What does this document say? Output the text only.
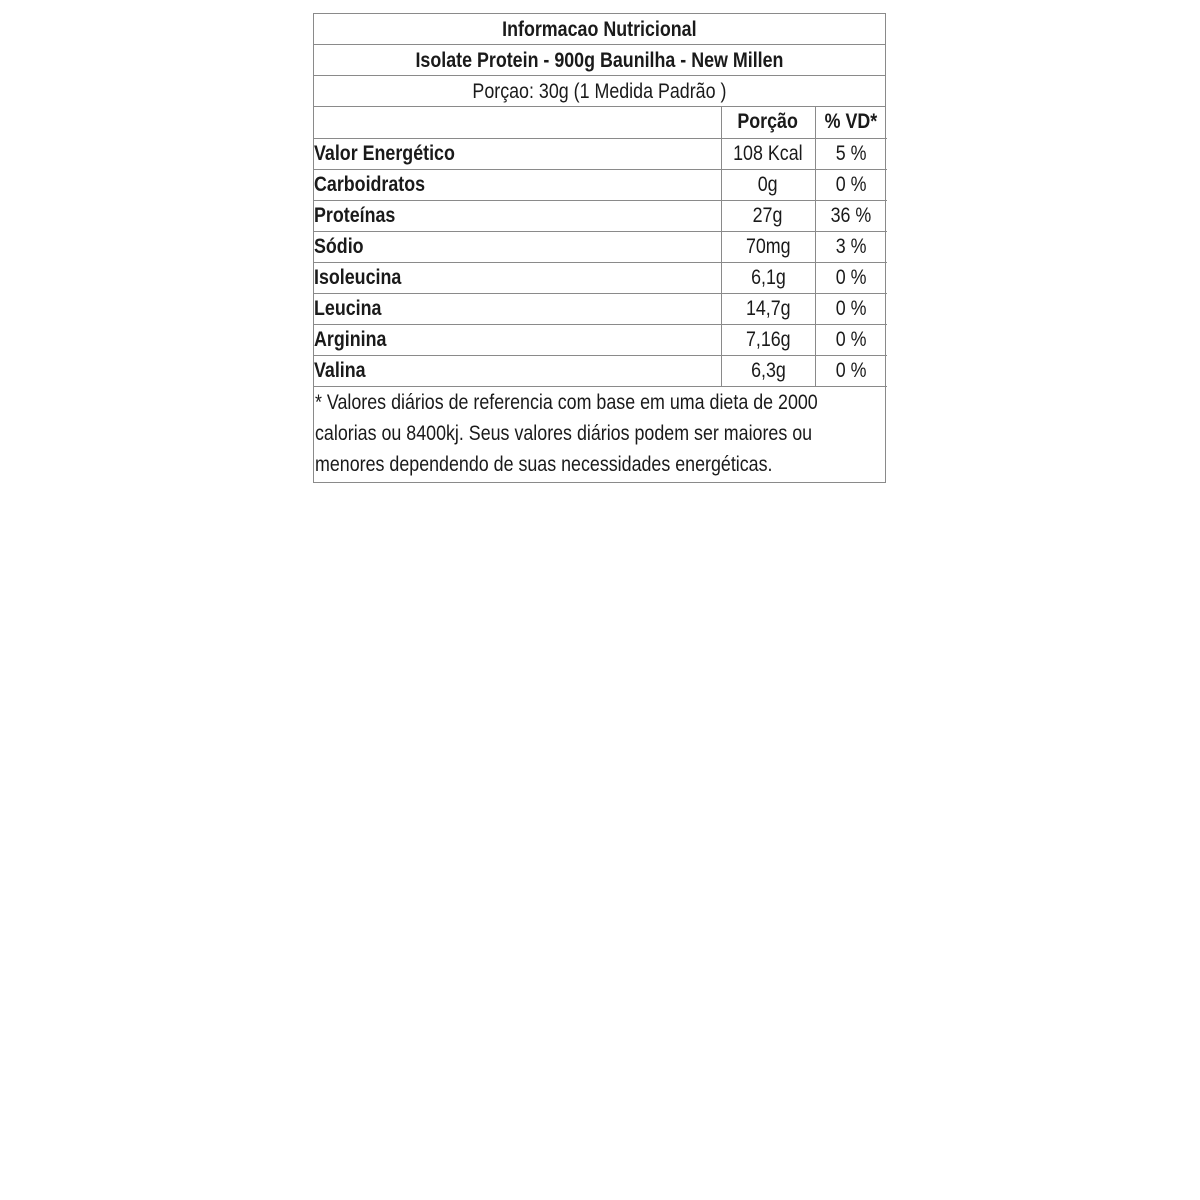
Informacao Nutricional
Isolate Protein - 900g Baunilha - New Millen
Porçao: 30g (1 Medida Padrão )
	Porção	% VD*
Valor Energético	108 Kcal	5 %
Carboidratos	0g	0 %
Proteínas	27g	36 %
Sódio	70mg	3 %
Isoleucina	6,1g	0 %
Leucina	14,7g	0 %
Arginina	7,16g	0 %
Valina	6,3g	0 %
* Valores diários de referencia com base em uma dieta de 2000
calorias ou 8400kj. Seus valores diários podem ser maiores ou
menores dependendo de suas necessidades energéticas.
